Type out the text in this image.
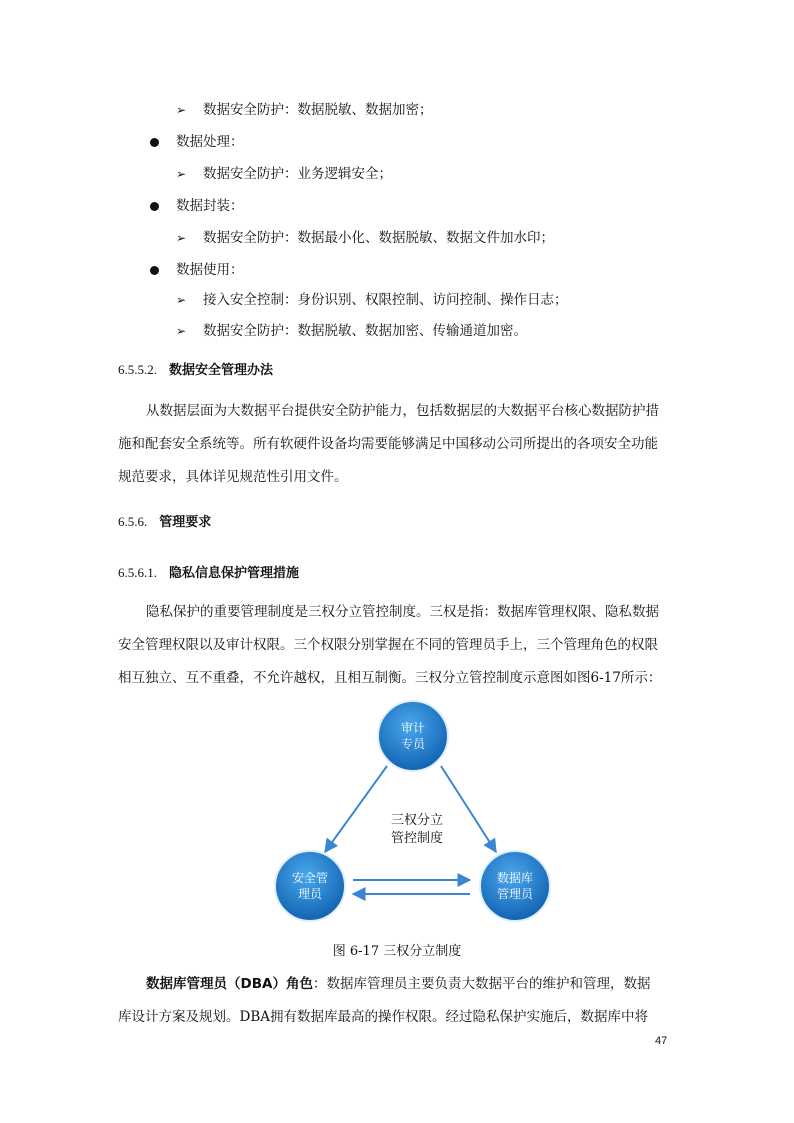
➢ 数据安全防护：数据脱敏、数据加密；
数据处理：
➢ 数据安全防护：业务逻辑安全；
数据封装：
➢ 数据安全防护：数据最小化、数据脱敏、数据文件加水印；
数据使用：
➢ 接入安全控制：身份识别、权限控制、访问控制、操作日志；
➢ 数据安全防护：数据脱敏、数据加密、传输通道加密。
6.5.5.2. 数据安全管理办法
从数据层面为大数据平台提供安全防护能力，包括数据层的大数据平台核心数据防护措
施和配套安全系统等。所有软硬件设备均需要能够满足中国移动公司所提出的各项安全功能
规范要求，具体详见规范性引用文件。
6.5.6. 管理要求
6.5.6.1. 隐私信息保护管理措施
隐私保护的重要管理制度是三权分立管控制度。三权是指：数据库管理权限、隐私数据
安全管理权限以及审计权限。三个权限分别掌握在不同的管理员手上，三个管理角色的权限
相互独立、互不重叠，不允许越权，且相互制衡。三权分立管控制度示意图如图6-17所示：
审计
专员
安全管
理员
数据库
管理员
三权分立
管控制度
图 6-17 三权分立制度
数据库管理员（DBA）角色：数据库管理员主要负责大数据平台的维护和管理，数据
库设计方案及规划。DBA拥有数据库最高的操作权限。经过隐私保护实施后，数据库中将
47
